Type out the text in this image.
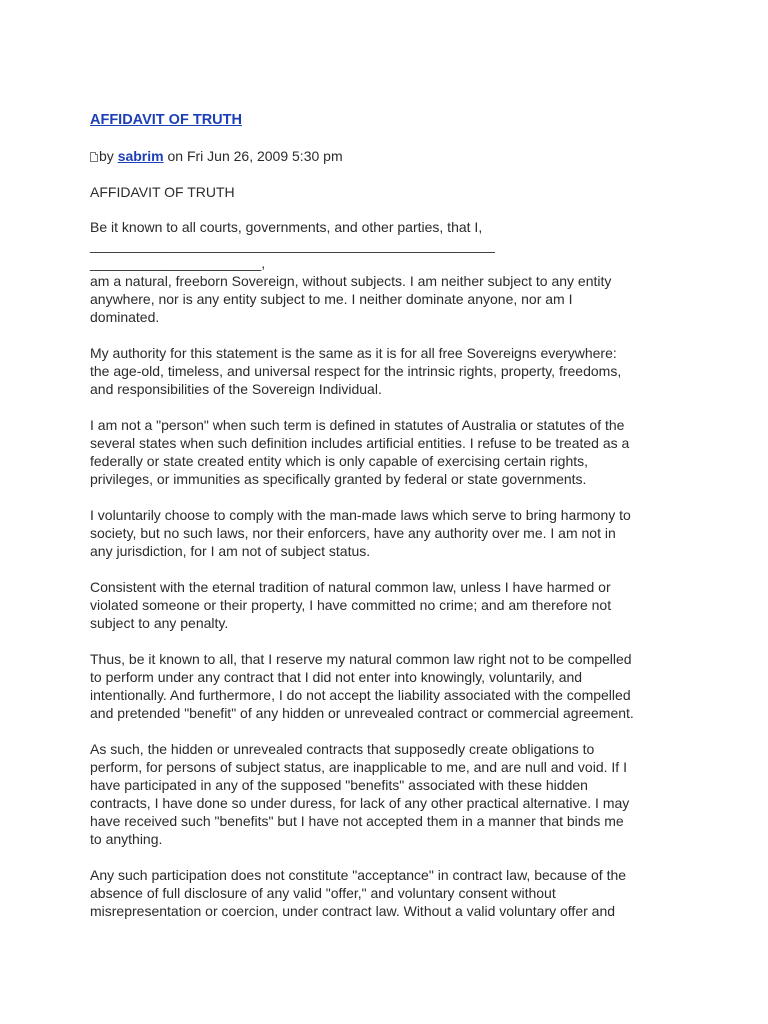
AFFIDAVIT OF TRUTH
by sabrim on Fri Jun 26, 2009 5:30 pm
AFFIDAVIT OF TRUTH

Be it known to all courts, governments, and other parties, that I,
____________________________________________________
______________________,
am a natural, freeborn Sovereign, without subjects. I am neither subject to any entity
anywhere, nor is any entity subject to me. I neither dominate anyone, nor am I
dominated.

My authority for this statement is the same as it is for all free Sovereigns everywhere:
the age-old, timeless, and universal respect for the intrinsic rights, property, freedoms,
and responsibilities of the Sovereign Individual.

I am not a "person" when such term is defined in statutes of Australia or statutes of the
several states when such definition includes artificial entities. I refuse to be treated as a
federally or state created entity which is only capable of exercising certain rights,
privileges, or immunities as specifically granted by federal or state governments.

I voluntarily choose to comply with the man-made laws which serve to bring harmony to
society, but no such laws, nor their enforcers, have any authority over me. I am not in
any jurisdiction, for I am not of subject status.

Consistent with the eternal tradition of natural common law, unless I have harmed or
violated someone or their property, I have committed no crime; and am therefore not
subject to any penalty.

Thus, be it known to all, that I reserve my natural common law right not to be compelled
to perform under any contract that I did not enter into knowingly, voluntarily, and
intentionally. And furthermore, I do not accept the liability associated with the compelled
and pretended "benefit" of any hidden or unrevealed contract or commercial agreement.

As such, the hidden or unrevealed contracts that supposedly create obligations to
perform, for persons of subject status, are inapplicable to me, and are null and void. If I
have participated in any of the supposed "benefits" associated with these hidden
contracts, I have done so under duress, for lack of any other practical alternative. I may
have received such "benefits" but I have not accepted them in a manner that binds me
to anything.

Any such participation does not constitute "acceptance" in contract law, because of the
absence of full disclosure of any valid "offer," and voluntary consent without
misrepresentation or coercion, under contract law. Without a valid voluntary offer and
